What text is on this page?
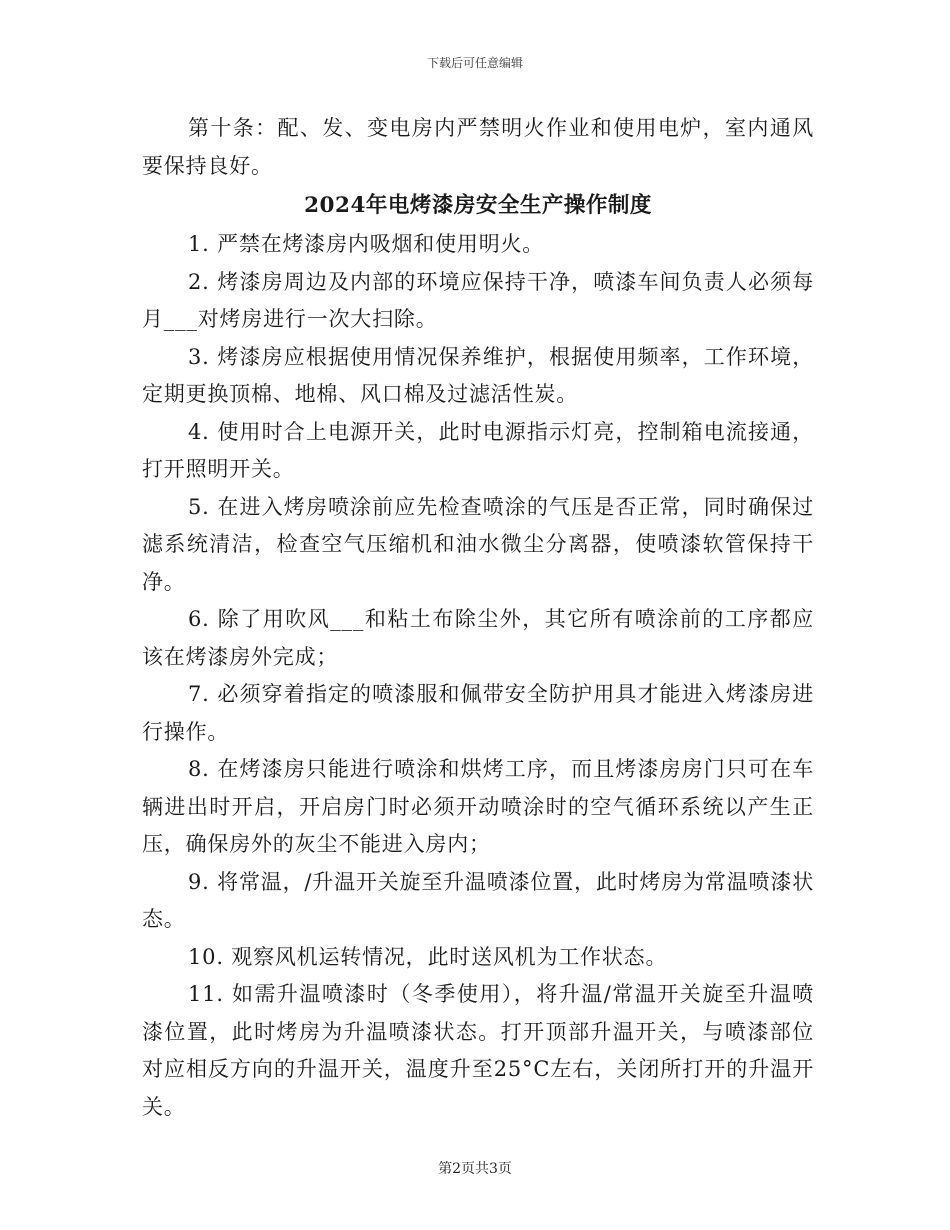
下载后可任意编辑

第十条：配、发、变电房内严禁明火作业和使用电炉，室内通风要保持良好。

2024年电烤漆房安全生产操作制度

1. 严禁在烤漆房内吸烟和使用明火。

2. 烤漆房周边及内部的环境应保持干净，喷漆车间负责人必须每月___对烤房进行一次大扫除。

3. 烤漆房应根据使用情况保养维护，根据使用频率，工作环境，定期更换顶棉、地棉、风口棉及过滤活性炭。

4. 使用时合上电源开关，此时电源指示灯亮，控制箱电流接通，打开照明开关。

5. 在进入烤房喷涂前应先检查喷涂的气压是否正常，同时确保过滤系统清洁，检查空气压缩机和油水微尘分离器，使喷漆软管保持干净。

6. 除了用吹风___和粘土布除尘外，其它所有喷涂前的工序都应该在烤漆房外完成；

7. 必须穿着指定的喷漆服和佩带安全防护用具才能进入烤漆房进行操作。

8. 在烤漆房只能进行喷涂和烘烤工序，而且烤漆房房门只可在车辆进出时开启，开启房门时必须开动喷涂时的空气循环系统以产生正压，确保房外的灰尘不能进入房内；

9. 将常温，/升温开关旋至升温喷漆位置，此时烤房为常温喷漆状态。

10. 观察风机运转情况，此时送风机为工作状态。

11. 如需升温喷漆时（冬季使用），将升温/常温开关旋至升温喷漆位置，此时烤房为升温喷漆状态。打开顶部升温开关，与喷漆部位对应相反方向的升温开关，温度升至25°C左右，关闭所打开的升温开关。

第2页共3页
